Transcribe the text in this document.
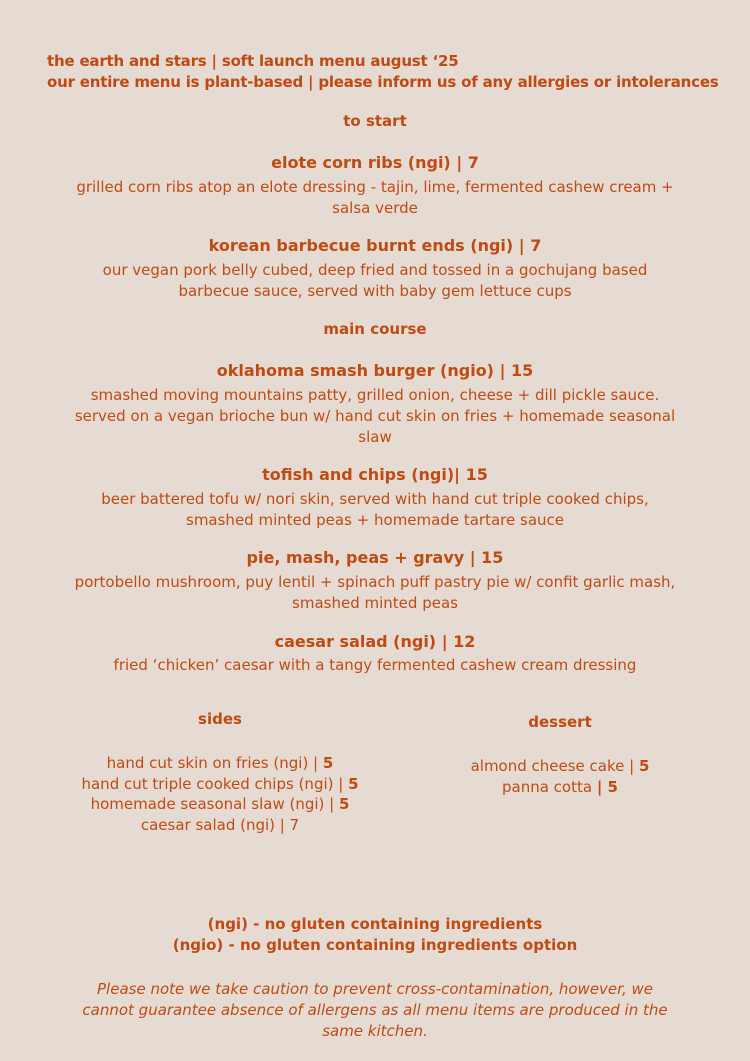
the earth and stars | soft launch menu august ‘25
our entire menu is plant-based | please inform us of any allergies or intolerances
to start
elote corn ribs (ngi) | 7
grilled corn ribs atop an elote dressing - tajin, lime, fermented cashew cream + salsa verde
korean barbecue burnt ends (ngi) | 7
our vegan pork belly cubed, deep fried and tossed in a gochujang based barbecue sauce, served with baby gem lettuce cups
main course
oklahoma smash burger (ngio) | 15
smashed moving mountains patty, grilled onion, cheese + dill pickle sauce. served on a vegan brioche bun w/ hand cut skin on fries + homemade seasonal slaw
tofish and chips (ngi)| 15
beer battered tofu w/ nori skin, served with hand cut triple cooked chips, smashed minted peas + homemade tartare sauce
pie, mash, peas + gravy | 15
portobello mushroom, puy lentil + spinach puff pastry pie w/ confit garlic mash, smashed minted peas
caesar salad (ngi) | 12
fried ‘chicken’ caesar with a tangy fermented cashew cream dressing
sides
hand cut skin on fries (ngi) | 5
hand cut triple cooked chips (ngi) | 5
homemade seasonal slaw (ngi) | 5
caesar salad (ngi) | 7
dessert
almond cheese cake | 5
panna cotta | 5
(ngi) - no gluten containing ingredients
(ngio) - no gluten containing ingredients option
Please note we take caution to prevent cross-contamination, however, we cannot guarantee absence of allergens as all menu items are produced in the same kitchen.
